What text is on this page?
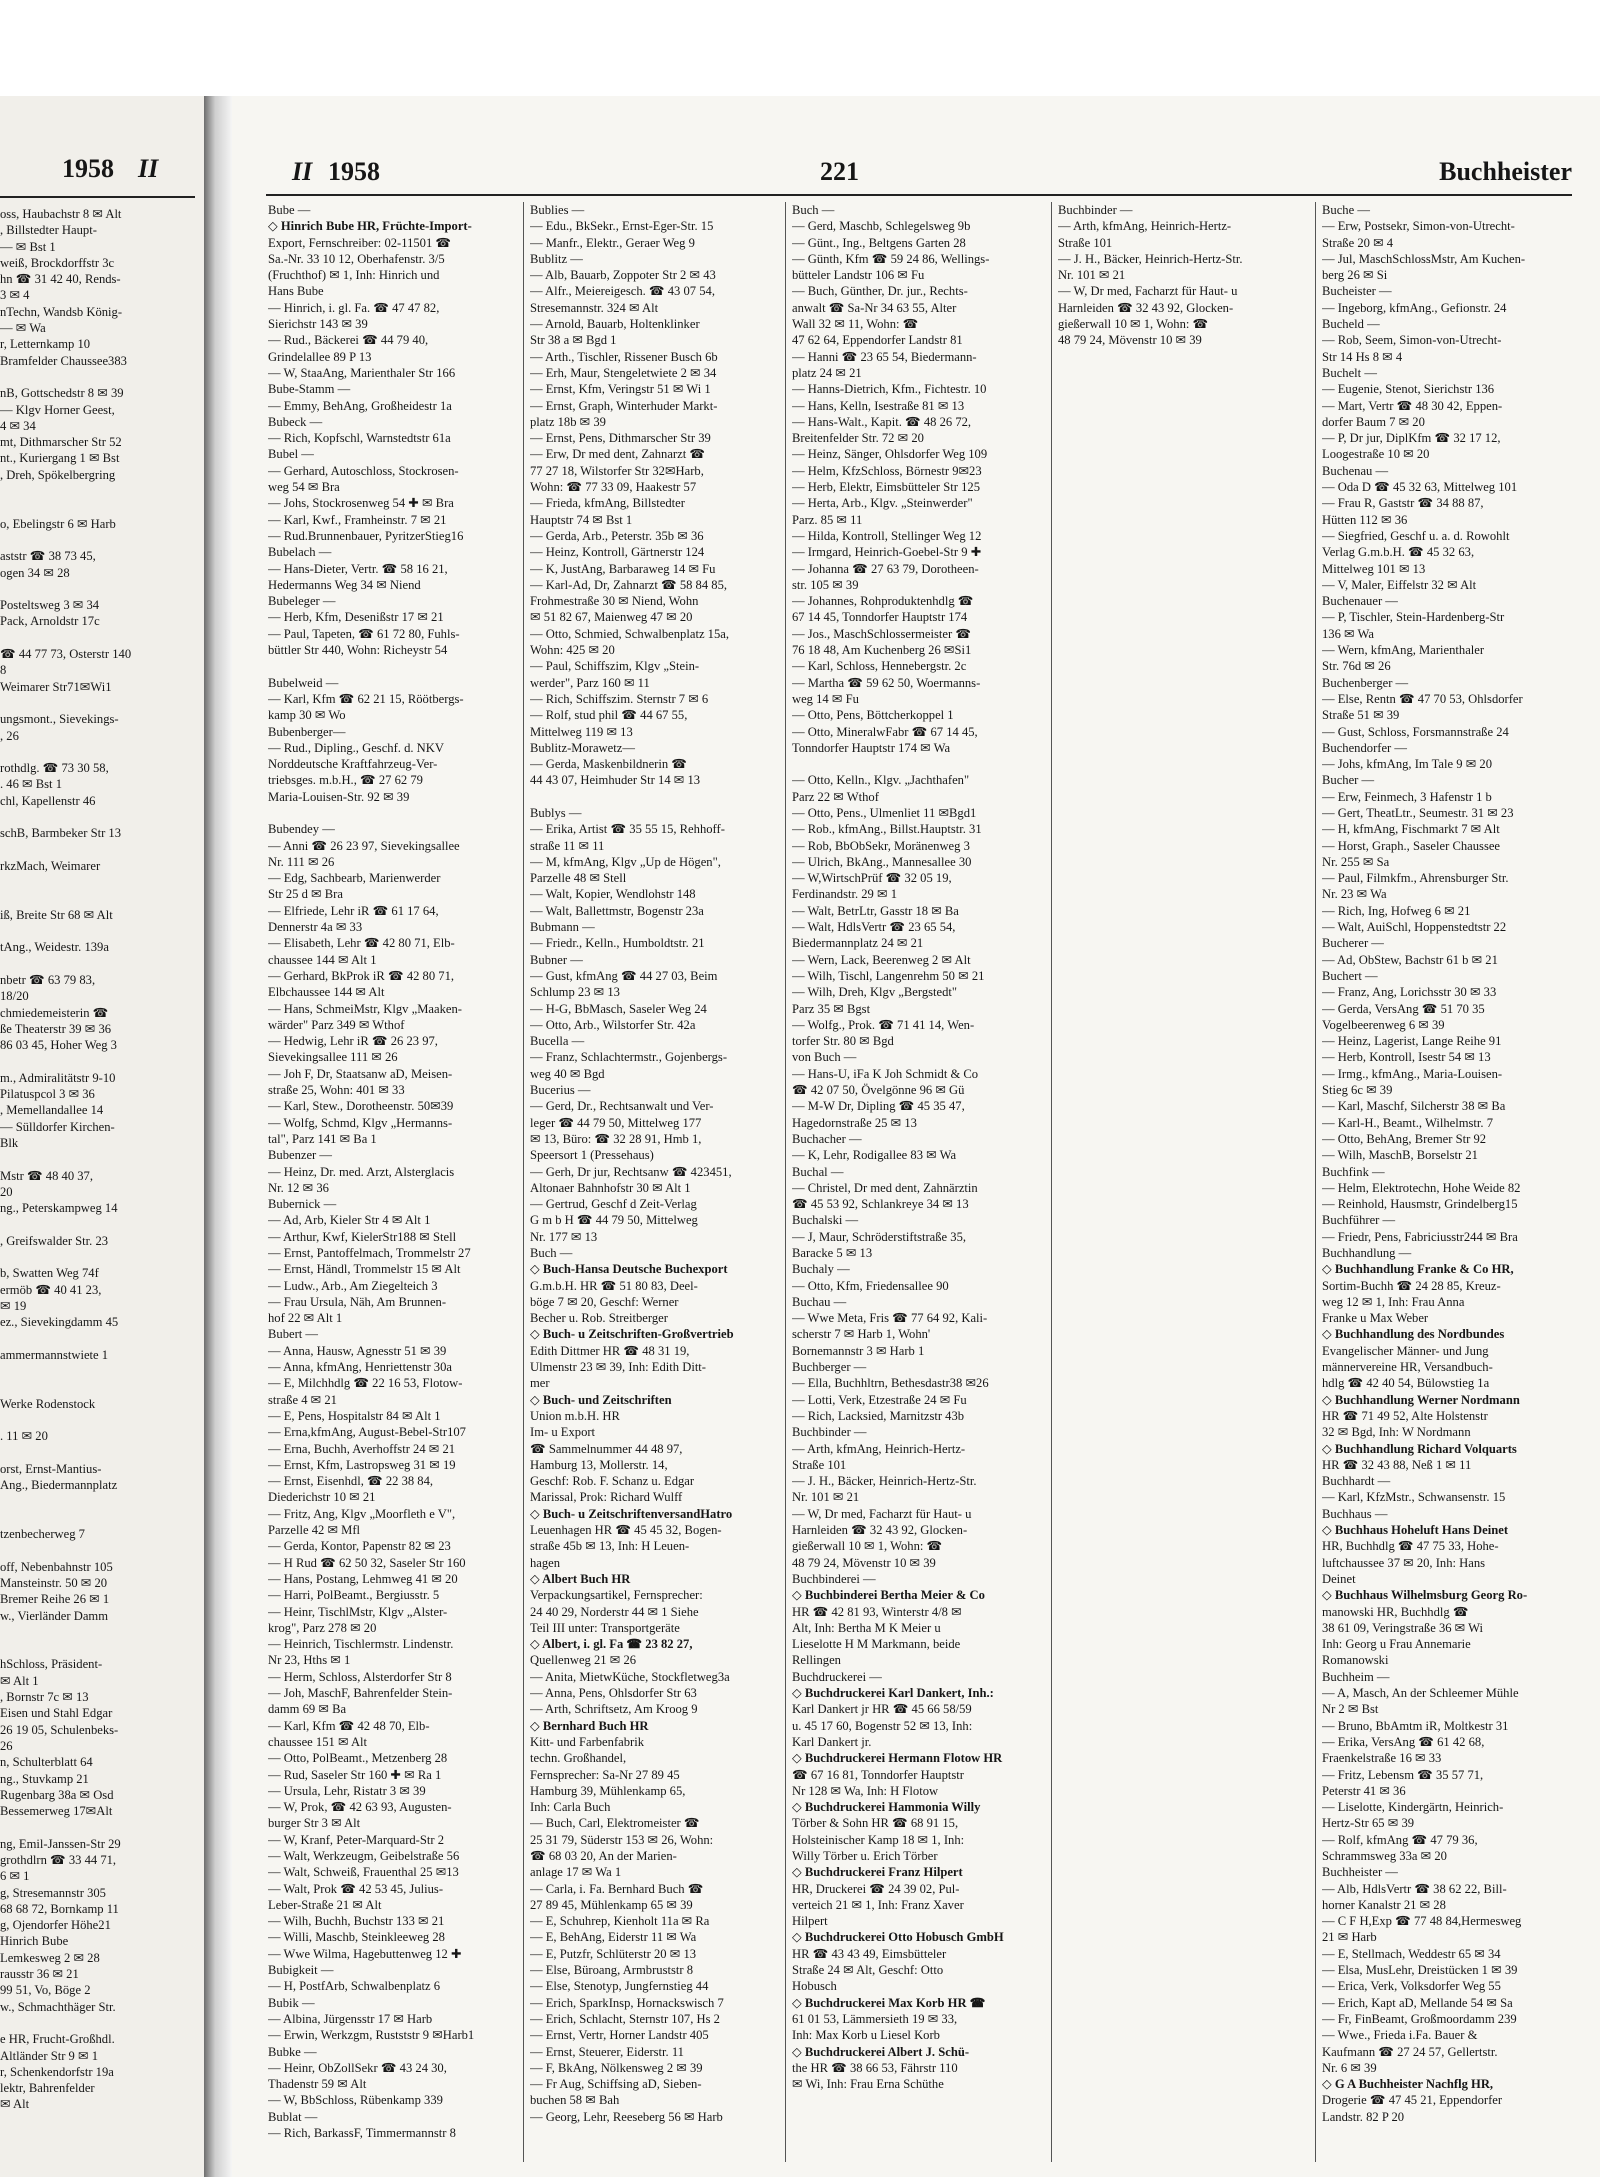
1958 II
oss, Haubachstr 8 ✉ Alt
, Billstedter Haupt-
— ✉ Bst 1
weiß, Brockdorffstr 3c
hn ☎ 31 42 40, Rends-
3 ✉ 4
nTechn, Wandsb König-
— ✉ Wa
r, Letternkamp 10
Bramfelder Chaussee383

nB, Gottschedstr 8 ✉ 39
— Klgv Horner Geest,
4 ✉ 34
mt, Dithmarscher Str 52
nt., Kuriergang 1 ✉ Bst
, Dreh, Spökelbergring

o, Ebelingstr 6 ✉ Harb

aststr ☎ 38 73 45,
ogen 34 ✉ 28

Posteltsweg 3 ✉ 34
Pack, Arnoldstr 17c

☎ 44 77 73, Osterstr 140
8
Weimarer Str71✉Wi1

ungsmont., Sievekings-
, 26

rothdlg. ☎ 73 30 58,
. 46 ✉ Bst 1
chl, Kapellenstr 46

schB, Barmbeker Str 13

rkzMach, Weimarer

iß, Breite Str 68 ✉ Alt

tAng., Weidestr. 139a

nbetr ☎ 63 79 83,
18/20
chmiedemeisterin ☎
ße Theaterstr 39 ✉ 36
86 03 45, Hoher Weg 3

m., Admiralitätstr 9-10
Pilatuspcol 3 ✉ 36
, Memellandallee 14
— Sülldorfer Kirchen-
Blk

Mstr ☎ 48 40 37,
20
ng., Peterskampweg 14

, Greifswalder Str. 23

b, Swatten Weg 74f
ermöb ☎ 40 41 23,
✉ 19
ez., Sievekingdamm 45

ammermannstwiete 1

Werke Rodenstock

. 11 ✉ 20

orst, Ernst-Mantius-
Ang., Biedermannplatz

tzenbecherweg 7

off, Nebenbahnstr 105
Mansteinstr. 50 ✉ 20
Bremer Reihe 26 ✉ 1
w., Vierländer Damm

hSchloss, Präsident-
✉ Alt 1
, Bornstr 7c ✉ 13
Eisen und Stahl Edgar
26 19 05, Schulenbeks-
26
n, Schulterblatt 64
ng., Stuvkamp 21
Rugenbarg 38a ✉ Osd
Bessemerweg 17✉Alt

ng, Emil-Janssen-Str 29
grothdlrn ☎ 33 44 71,
6 ✉ 1
g, Stresemannstr 305
68 68 72, Bornkamp 11
g, Ojendorfer Höhe21
Hinrich Bube
Lemkesweg 2 ✉ 28
rausstr 36 ✉ 21
99 51, Vo, Böge 2
w., Schmachthäger Str.

e HR, Frucht-Großhdl.
Altländer Str 9 ✉ 1
r, Schenkendorfstr 19a
lektr, Bahrenfelder
✉ Alt
II 1958	221	Buchheister
Bube —
◇ Hinrich Bube HR, Früchte-Import-
Export, Fernschreiber: 02-11501 ☎
Sa.-Nr. 33 10 12, Oberhafenstr. 3/5
(Fruchthof) ✉ 1, Inh: Hinrich und
Hans Bube
— Hinrich, i. gl. Fa. ☎ 47 47 82,
Sierichstr 143 ✉ 39
— Rud., Bäckerei ☎ 44 79 40,
Grindelallee 89 P 13
— W, StaaAng, Marienthaler Str 166
Bube-Stamm —
— Emmy, BehAng, Großheidestr 1a
Bubeck —
— Rich, Kopfschl, Warnstedtstr 61a
Bubel —
— Gerhard, Autoschloss, Stockrosen-
weg 54 ✉ Bra
— Johs, Stockrosenweg 54 ✚ ✉ Bra
— Karl, Kwf., Framheinstr. 7 ✉ 21
— Rud.Brunnenbauer, PyritzerStieg16
Bubelach —
— Hans-Dieter, Vertr. ☎ 58 16 21,
Hedermanns Weg 34 ✉ Niend
Bubeleger —
— Herb, Kfm, Desenißstr 17 ✉ 21
— Paul, Tapeten, ☎ 61 72 80, Fuhls-
büttler Str 440, Wohn: Richeystr 54

Bubelweid —
— Karl, Kfm ☎ 62 21 15, Röötbergs-
kamp 30 ✉ Wo
Bubenberger—
— Rud., Dipling., Geschf. d. NKV
Norddeutsche Kraftfahrzeug-Ver-
triebsges. m.b.H., ☎ 27 62 79
Maria-Louisen-Str. 92 ✉ 39

Bubendey —
— Anni ☎ 26 23 97, Sievekingsallee
Nr. 111 ✉ 26
— Edg, Sachbearb, Marienwerder
Str 25 d ✉ Bra
— Elfriede, Lehr iR ☎ 61 17 64,
Dennerstr 4a ✉ 33
— Elisabeth, Lehr ☎ 42 80 71, Elb-
chaussee 144 ✉ Alt 1
— Gerhard, BkProk iR ☎ 42 80 71,
Elbchaussee 144 ✉ Alt
— Hans, SchmeiMstr, Klgv „Maaken-
wärder" Parz 349 ✉ Wthof
— Hedwig, Lehr iR ☎ 26 23 97,
Sievekingsallee 111 ✉ 26
— Joh F, Dr, Staatsanw aD, Meisen-
straße 25, Wohn: 401 ✉ 33
— Karl, Stew., Dorotheenstr. 50✉39
— Wolfg, Schmd, Klgv „Hermanns-
tal", Parz 141 ✉ Ba 1
Bubenzer —
— Heinz, Dr. med. Arzt, Alsterglacis
Nr. 12 ✉ 36
Bubernick —
— Ad, Arb, Kieler Str 4 ✉ Alt 1
— Arthur, Kwf, KielerStr188 ✉ Stell
— Ernst, Pantoffelmach, Trommelstr 27
— Ernst, Händl, Trommelstr 15 ✉ Alt
— Ludw., Arb., Am Ziegelteich 3
— Frau Ursula, Näh, Am Brunnen-
hof 22 ✉ Alt 1
Bubert —
— Anna, Hausw, Agnesstr 51 ✉ 39
— Anna, kfmAng, Henriettenstr 30a
— E, Milchhdlg ☎ 22 16 53, Flotow-
straße 4 ✉ 21
— E, Pens, Hospitalstr 84 ✉ Alt 1
— Erna,kfmAng, August-Bebel-Str107
— Erna, Buchh, Averhoffstr 24 ✉ 21
— Ernst, Kfm, Lastropsweg 31 ✉ 19
— Ernst, Eisenhdl, ☎ 22 38 84,
Diederichstr 10 ✉ 21
— Fritz, Ang, Klgv „Moorfleth e V",
Parzelle 42 ✉ Mfl
— Gerda, Kontor, Papenstr 82 ✉ 23
— H Rud ☎ 62 50 32, Saseler Str 160
— Hans, Postang, Lehmweg 41 ✉ 20
— Harri, PolBeamt., Bergiusstr. 5
— Heinr, TischlMstr, Klgv „Alster-
krog", Parz 278 ✉ 20
— Heinrich, Tischlermstr. Lindenstr.
Nr 23, Hths ✉ 1
— Herm, Schloss, Alsterdorfer Str 8
— Joh, MaschF, Bahrenfelder Stein-
damm 69 ✉ Ba
— Karl, Kfm ☎ 42 48 70, Elb-
chaussee 151 ✉ Alt
— Otto, PolBeamt., Metzenberg 28
— Rud, Saseler Str 160 ✚ ✉ Ra 1
— Ursula, Lehr, Ristatr 3 ✉ 39
— W, Prok, ☎ 42 63 93, Augusten-
burger Str 3 ✉ Alt
— W, Kranf, Peter-Marquard-Str 2
— Walt, Werkzeugm, Geibelstraße 56
— Walt, Schweiß, Frauenthal 25 ✉13
— Walt, Prok ☎ 42 53 45, Julius-
Leber-Straße 21 ✉ Alt
— Wilh, Buchh, Buchstr 133 ✉ 21
— Willi, Maschb, Steinkleeweg 28
— Wwe Wilma, Hagebuttenweg 12 ✚
Bubigkeit —
— H, PostfArb, Schwalbenplatz 6
Bubik —
— Albina, Jürgensstr 17 ✉ Harb
— Erwin, Werkzgm, Rustststr 9 ✉Harb1
Bubke —
— Heinr, ObZollSekr ☎ 43 24 30,
Thadenstr 59 ✉ Alt
— W, BbSchloss, Rübenkamp 339
Bublat —
— Rich, BarkassF, Timmermannstr 8
Bublies —
— Edu., BkSekr., Ernst-Eger-Str. 15
— Manfr., Elektr., Geraer Weg 9
Bublitz —
— Alb, Bauarb, Zoppoter Str 2 ✉ 43
— Alfr., Meiereigesch. ☎ 43 07 54,
Stresemannstr. 324 ✉ Alt
— Arnold, Bauarb, Holtenklinker
Str 38 a ✉ Bgd 1
— Arth., Tischler, Rissener Busch 6b
— Erh, Maur, Stengeletwiete 2 ✉ 34
— Ernst, Kfm, Veringstr 51 ✉ Wi 1
— Ernst, Graph, Winterhuder Markt-
platz 18b ✉ 39
— Ernst, Pens, Dithmarscher Str 39
— Erw, Dr med dent, Zahnarzt ☎
77 27 18, Wilstorfer Str 32✉Harb,
Wohn: ☎ 77 33 09, Haakestr 57
— Frieda, kfmAng, Billstedter
Hauptstr 74 ✉ Bst 1
— Gerda, Arb., Peterstr. 35b ✉ 36
— Heinz, Kontroll, Gärtnerstr 124
— K, JustAng, Barbaraweg 14 ✉ Fu
— Karl-Ad, Dr, Zahnarzt ☎ 58 84 85,
Frohmestraße 30 ✉ Niend, Wohn
✉ 51 82 67, Maienweg 47 ✉ 20
— Otto, Schmied, Schwalbenplatz 15a,
Wohn: 425 ✉ 20
— Paul, Schiffszim, Klgv „Stein-
werder", Parz 160 ✉ 11
— Rich, Schiffszim. Sternstr 7 ✉ 6
— Rolf, stud phil ☎ 44 67 55,
Mittelweg 119 ✉ 13
Bublitz-Morawetz—
— Gerda, Maskenbildnerin ☎
44 43 07, Heimhuder Str 14 ✉ 13

Bublys —
— Erika, Artist ☎ 35 55 15, Rehhoff-
straße 11 ✉ 11
— M, kfmAng, Klgv „Up de Högen",
Parzelle 48 ✉ Stell
— Walt, Kopier, Wendlohstr 148
— Walt, Ballettmstr, Bogenstr 23a
Bubmann —
— Friedr., Kelln., Humboldtstr. 21
Bubner —
— Gust, kfmAng ☎ 44 27 03, Beim
Schlump 23 ✉ 13
— H-G, BbMasch, Saseler Weg 24
— Otto, Arb., Wilstorfer Str. 42a
Bucella —
— Franz, Schlachtermstr., Gojenbergs-
weg 40 ✉ Bgd
Bucerius —
— Gerd, Dr., Rechtsanwalt und Ver-
leger ☎ 44 79 50, Mittelweg 177
✉ 13, Büro: ☎ 32 28 91, Hmb 1,
Speersort 1 (Pressehaus)
— Gerh, Dr jur, Rechtsanw ☎ 423451,
Altonaer Bahnhofstr 30 ✉ Alt 1
— Gertrud, Geschf d Zeit-Verlag
G m b H ☎ 44 79 50, Mittelweg
Nr. 177 ✉ 13
Buch —
◇ Buch-Hansa Deutsche Buchexport
G.m.b.H. HR ☎ 51 80 83, Deel-
böge 7 ✉ 20, Geschf: Werner
Becher u. Rob. Streitberger
◇ Buch- u Zeitschriften-Großvertrieb
Edith Dittmer HR ☎ 48 31 19,
Ulmenstr 23 ✉ 39, Inh: Edith Ditt-
mer
◇ Buch- und Zeitschriften
Union m.b.H. HR
Im- u Export
☎ Sammelnummer 44 48 97,
Hamburg 13, Mollerstr. 14,
Geschf: Rob. F. Schanz u. Edgar
Marissal, Prok: Richard Wulff
◇ Buch- u ZeitschriftenversandHatro
Leuenhagen HR ☎ 45 45 32, Bogen-
straße 45b ✉ 13, Inh: H Leuen-
hagen
◇ Albert Buch HR
Verpackungsartikel, Fernsprecher:
24 40 29, Norderstr 44 ✉ 1 Siehe
Teil III unter: Transportgeräte
◇ Albert, i. gl. Fa ☎ 23 82 27,
Quellenweg 21 ✉ 26
— Anita, MietwKüche, Stockfletweg3a
— Anna, Pens, Ohlsdorfer Str 63
— Arth, Schriftsetz, Am Kroog 9
◇ Bernhard Buch HR
Kitt- und Farbenfabrik
techn. Großhandel,
Fernsprecher: Sa-Nr 27 89 45
Hamburg 39, Mühlenkamp 65,
Inh: Carla Buch
— Buch, Carl, Elektromeister ☎
25 31 79, Süderstr 153 ✉ 26, Wohn:
☎ 68 03 20, An der Marien-
anlage 17 ✉ Wa 1
— Carla, i. Fa. Bernhard Buch ☎
27 89 45, Mühlenkamp 65 ✉ 39
— E, Schuhrep, Kienholt 11a ✉ Ra
— E, BehAng, Eiderstr 11 ✉ Wa
— E, Putzfr, Schlüterstr 20 ✉ 13
— Else, Büroang, Armbruststr 8
— Else, Stenotyp, Jungfernstieg 44
— Erich, SparkInsp, Hornackswisch 7
— Erich, Schlacht, Sternstr 107, Hs 2
— Ernst, Vertr, Horner Landstr 405
— Ernst, Steuerer, Eiderstr. 11
— F, BkAng, Nölkensweg 2 ✉ 39
— Fr Aug, Schiffsing aD, Sieben-
buchen 58 ✉ Bah
— Georg, Lehr, Reeseberg 56 ✉ Harb
Buch —
— Gerd, Maschb, Schlegelsweg 9b
— Günt., Ing., Beltgens Garten 28
— Günth, Kfm ☎ 59 24 86, Wellings-
bütteler Landstr 106 ✉ Fu
— Buch, Günther, Dr. jur., Rechts-
anwalt ☎ Sa-Nr 34 63 55, Alter
Wall 32 ✉ 11, Wohn: ☎
47 62 64, Eppendorfer Landstr 81
— Hanni ☎ 23 65 54, Biedermann-
platz 24 ✉ 21
— Hanns-Dietrich, Kfm., Fichtestr. 10
— Hans, Kelln, Isestraße 81 ✉ 13
— Hans-Walt., Kapit. ☎ 48 26 72,
Breitenfelder Str. 72 ✉ 20
— Heinz, Sänger, Ohlsdorfer Weg 109
— Helm, KfzSchloss, Börnestr 9✉23
— Herb, Elektr, Eimsbütteler Str 125
— Herta, Arb., Klgv. „Steinwerder"
Parz. 85 ✉ 11
— Hilda, Kontroll, Stellinger Weg 12
— Irmgard, Heinrich-Goebel-Str 9 ✚
— Johanna ☎ 27 63 79, Dorotheen-
str. 105 ✉ 39
— Johannes, Rohproduktenhdlg ☎
67 14 45, Tonndorfer Hauptstr 174
— Jos., MaschSchlossermeister ☎
76 18 48, Am Kuchenberg 26 ✉Si1
— Karl, Schloss, Hennebergstr. 2c
— Martha ☎ 59 62 50, Woermanns-
weg 14 ✉ Fu
— Otto, Pens, Böttcherkoppel 1
— Otto, MineralwFabr ☎ 67 14 45,
Tonndorfer Hauptstr 174 ✉ Wa

— Otto, Kelln., Klgv. „Jachthafen"
Parz 22 ✉ Wthof
— Otto, Pens., Ulmenliet 11 ✉Bgd1
— Rob., kfmAng., Billst.Hauptstr. 31
— Rob, BbObSekr, Moränenweg 3
— Ulrich, BkAng., Mannesallee 30
— W,WirtschPrüf ☎ 32 05 19,
Ferdinandstr. 29 ✉ 1
— Walt, BetrLtr, Gasstr 18 ✉ Ba
— Walt, HdlsVertr ☎ 23 65 54,
Biedermannplatz 24 ✉ 21
— Wern, Lack, Beerenweg 2 ✉ Alt
— Wilh, Tischl, Langenrehm 50 ✉ 21
— Wilh, Dreh, Klgv „Bergstedt"
Parz 35 ✉ Bgst
— Wolfg., Prok. ☎ 71 41 14, Wen-
torfer Str. 80 ✉ Bgd
von Buch —
— Hans-U, iFa K Joh Schmidt & Co
☎ 42 07 50, Övelgönne 96 ✉ Gü
— M-W Dr, Dipling ☎ 45 35 47,
Hagedornstraße 25 ✉ 13
Buchacher —
— K, Lehr, Rodigallee 83 ✉ Wa
Buchal —
— Christel, Dr med dent, Zahnärztin
☎ 45 53 92, Schlankreye 34 ✉ 13
Buchalski —
— J, Maur, Schröderstiftstraße 35,
Baracke 5 ✉ 13
Buchaly —
— Otto, Kfm, Friedensallee 90
Buchau —
— Wwe Meta, Fris ☎ 77 64 92, Kali-
scherstr 7 ✉ Harb 1, Wohn'
Bornemannstr 3 ✉ Harb 1
Buchberger —
— Ella, Buchhltrn, Bethesdastr38 ✉26
— Lotti, Verk, Etzestraße 24 ✉ Fu
— Rich, Lacksied, Marnitzstr 43b
Buchbinder —
— Arth, kfmAng, Heinrich-Hertz-
Straße 101
— J. H., Bäcker, Heinrich-Hertz-Str.
Nr. 101 ✉ 21
— W, Dr med, Facharzt für Haut- u
Harnleiden ☎ 32 43 92, Glocken-
gießerwall 10 ✉ 1, Wohn: ☎
48 79 24, Mövenstr 10 ✉ 39
Buchbinderei —
◇ Buchbinderei Bertha Meier & Co
HR ☎ 42 81 93, Winterstr 4/8 ✉
Alt, Inh: Bertha M K Meier u
Lieselotte H M Markmann, beide
Rellingen
Buchdruckerei —
◇ Buchdruckerei Karl Dankert, Inh.:
Karl Dankert jr HR ☎ 45 66 58/59
u. 45 17 60, Bogenstr 52 ✉ 13, Inh:
Karl Dankert jr.
◇ Buchdruckerei Hermann Flotow HR
☎ 67 16 81, Tonndorfer Hauptstr
Nr 128 ✉ Wa, Inh: H Flotow
◇ Buchdruckerei Hammonia Willy
Törber & Sohn HR ☎ 68 91 15,
Holsteinischer Kamp 18 ✉ 1, Inh:
Willy Törber u. Erich Törber
◇ Buchdruckerei Franz Hilpert
HR, Druckerei ☎ 24 39 02, Pul-
verteich 21 ✉ 1, Inh: Franz Xaver
Hilpert
◇ Buchdruckerei Otto Hobusch GmbH
HR ☎ 43 43 49, Eimsbütteler
Straße 24 ✉ Alt, Geschf: Otto
Hobusch
◇ Buchdruckerei Max Korb HR ☎
61 01 53, Lämmersieth 19 ✉ 33,
Inh: Max Korb u Liesel Korb
◇ Buchdruckerei Albert J. Schü-
the HR ☎ 38 66 53, Fährstr 110
✉ Wi, Inh: Frau Erna Schüthe
Buchbinder —
— Arth, kfmAng, Heinrich-Hertz-
Straße 101
— J. H., Bäcker, Heinrich-Hertz-Str.
Nr. 101 ✉ 21
— W, Dr med, Facharzt für Haut- u
Harnleiden ☎ 32 43 92, Glocken-
gießerwall 10 ✉ 1, Wohn: ☎
48 79 24, Mövenstr 10 ✉ 39
Buche —
— Erw, Postsekr, Simon-von-Utrecht-
Straße 20 ✉ 4
— Jul, MaschSchlossMstr, Am Kuchen-
berg 26 ✉ Si
Bucheister —
— Ingeborg, kfmAng., Gefionstr. 24
Bucheld —
— Rob, Seem, Simon-von-Utrecht-
Str 14 Hs 8 ✉ 4
Buchelt —
— Eugenie, Stenot, Sierichstr 136
— Mart, Vertr ☎ 48 30 42, Eppen-
dorfer Baum 7 ✉ 20
— P, Dr jur, DiplKfm ☎ 32 17 12,
Loogestraße 10 ✉ 20
Buchenau —
— Oda D ☎ 45 32 63, Mittelweg 101
— Frau R, Gaststr ☎ 34 88 87,
Hütten 112 ✉ 36
— Siegfried, Geschf u. a. d. Rowohlt
Verlag G.m.b.H. ☎ 45 32 63,
Mittelweg 101 ✉ 13
— V, Maler, Eiffelstr 32 ✉ Alt
Buchenauer —
— P, Tischler, Stein-Hardenberg-Str
136 ✉ Wa
— Wern, kfmAng, Marienthaler
Str. 76d ✉ 26
Buchenberger —
— Else, Rentn ☎ 47 70 53, Ohlsdorfer
Straße 51 ✉ 39
— Gust, Schloss, Forsmannstraße 24
Buchendorfer —
— Johs, kfmAng, Im Tale 9 ✉ 20
Bucher —
— Erw, Feinmech, 3 Hafenstr 1 b
— Gert, TheatLtr., Seumestr. 31 ✉ 23
— H, kfmAng, Fischmarkt 7 ✉ Alt
— Horst, Graph., Saseler Chaussee
Nr. 255 ✉ Sa
— Paul, Filmkfm., Ahrensburger Str.
Nr. 23 ✉ Wa
— Rich, Ing, Hofweg 6 ✉ 21
— Walt, AuiSchl, Hoppenstedtstr 22
Bucherer —
— Ad, ObStew, Bachstr 61 b ✉ 21
Buchert —
— Franz, Ang, Lorichsstr 30 ✉ 33
— Gerda, VersAng ☎ 51 70 35
Vogelbeerenweg 6 ✉ 39
— Heinz, Lagerist, Lange Reihe 91
— Herb, Kontroll, Isestr 54 ✉ 13
— Irmg., kfmAng., Maria-Louisen-
Stieg 6c ✉ 39
— Karl, Maschf, Silcherstr 38 ✉ Ba
— Karl-H., Beamt., Wilhelmstr. 7
— Otto, BehAng, Bremer Str 92
— Wilh, MaschB, Borselstr 21
Buchfink —
— Helm, Elektrotechn, Hohe Weide 82
— Reinhold, Hausmstr, Grindelberg15
Buchführer —
— Friedr, Pens, Fabriciusstr244 ✉ Bra
Buchhandlung —
◇ Buchhandlung Franke & Co HR,
Sortim-Buchh ☎ 24 28 85, Kreuz-
weg 12 ✉ 1, Inh: Frau Anna
Franke u Max Weber
◇ Buchhandlung des Nordbundes
Evangelischer Männer- und Jung
männervereine HR, Versandbuch-
hdlg ☎ 42 40 54, Bülowstieg 1a
◇ Buchhandlung Werner Nordmann
HR ☎ 71 49 52, Alte Holstenstr
32 ✉ Bgd, Inh: W Nordmann
◇ Buchhandlung Richard Volquarts
HR ☎ 32 43 88, Neß 1 ✉ 11
Buchhardt —
— Karl, KfzMstr., Schwansenstr. 15
Buchhaus —
◇ Buchhaus Hoheluft Hans Deinet
HR, Buchhdlg ☎ 47 75 33, Hohe-
luftchaussee 37 ✉ 20, Inh: Hans
Deinet
◇ Buchhaus Wilhelmsburg Georg Ro-
manowski HR, Buchhdlg ☎
38 61 09, Veringstraße 36 ✉ Wi
Inh: Georg u Frau Annemarie
Romanowski
Buchheim —
— A, Masch, An der Schleemer Mühle
Nr 2 ✉ Bst
— Bruno, BbAmtm iR, Moltkestr 31
— Erika, VersAng ☎ 61 42 68,
Fraenkelstraße 16 ✉ 33
— Fritz, Lebensm ☎ 35 57 71,
Peterstr 41 ✉ 36
— Liselotte, Kindergärtn, Heinrich-
Hertz-Str 65 ✉ 39
— Rolf, kfmAng ☎ 47 79 36,
Schrammsweg 33a ✉ 20
Buchheister —
— Alb, HdlsVertr ☎ 38 62 22, Bill-
horner Kanalstr 21 ✉ 28
— C F H,Exp ☎ 77 48 84,Hermesweg
21 ✉ Harb
— E, Stellmach, Weddestr 65 ✉ 34
— Elsa, MusLehr, Dreistücken 1 ✉ 39
— Erica, Verk, Volksdorfer Weg 55
— Erich, Kapt aD, Mellande 54 ✉ Sa
— Fr, FinBeamt, Großmoordamm 239
— Wwe., Frieda i.Fa. Bauer &
Kaufmann ☎ 27 24 57, Gellertstr.
Nr. 6 ✉ 39
◇ G A Buchheister Nachflg HR,
Drogerie ☎ 47 45 21, Eppendorfer
Landstr. 82 P 20
